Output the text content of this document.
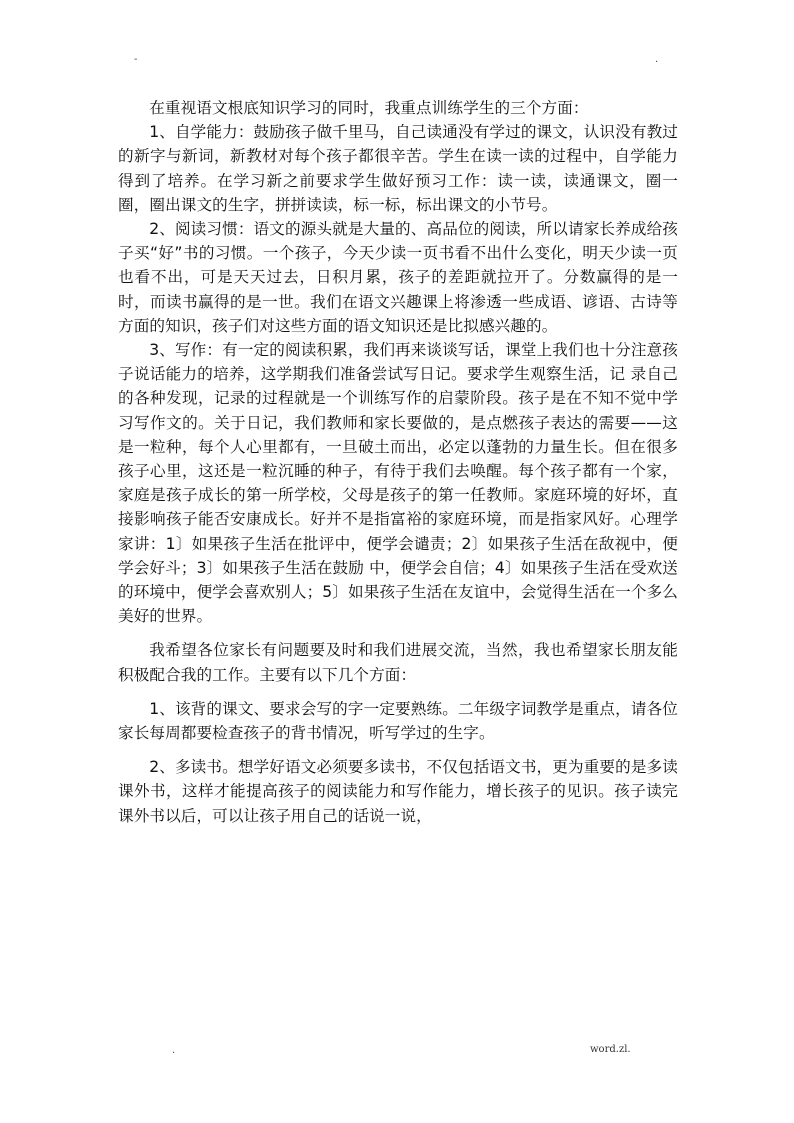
-	.

在重视语文根底知识学习的同时，我重点训练学生的三个方面：

1、自学能力：鼓励孩子做千里马，自己读通没有学过的课文，认识没有教过的新字与新词，新教材对每个孩子都很辛苦。学生在读一读的过程中，自学能力得到了培养。在学习新之前要求学生做好预习工作：读一读，读通课文，圈一圈，圈出课文的生字，拼拼读读，标一标，标出课文的小节号。

2、阅读习惯：语文的源头就是大量的、高品位的阅读，所以请家长养成给孩子买“好”书的习惯。一个孩子，今天少读一页书看不出什么变化，明天少读一页也看不出，可是天天过去，日积月累，孩子的差距就拉开了。分数赢得的是一时，而读书赢得的是一世。我们在语文兴趣课上将渗透一些成语、谚语、古诗等方面的知识，孩子们对这些方面的语文知识还是比拟感兴趣的。

3、写作：有一定的阅读积累，我们再来谈谈写话，课堂上我们也十分注意孩子说话能力的培养，这学期我们准备尝试写日记。要求学生观察生活，记 录自己的各种发现，记录的过程就是一个训练写作的启蒙阶段。孩子是在不知不觉中学习写作文的。关于日记，我们教师和家长要做的，是点燃孩子表达的需要——这是一粒种，每个人心里都有，一旦破土而出，必定以蓬勃的力量生长。但在很多孩子心里，这还是一粒沉睡的种子，有待于我们去唤醒。每个孩子都有一个家，家庭是孩子成长的第一所学校，父母是孩子的第一任教师。家庭环境的好坏，直接影响孩子能否安康成长。好并不是指富裕的家庭环境，而是指家风好。心理学家讲：1〕如果孩子生活在批评中，便学会谴责；2〕如果孩子生活在敌视中，便学会好斗；3〕如果孩子生活在鼓励 中，便学会自信；4〕如果孩子生活在受欢送的环境中，便学会喜欢别人；5〕如果孩子生活在友谊中，会觉得生活在一个多么美好的世界。

我希望各位家长有问题要及时和我们进展交流，当然，我也希望家长朋友能积极配合我的工作。主要有以下几个方面：

1、该背的课文、要求会写的字一定要熟练。二年级字词教学是重点，请各位家长每周都要检查孩子的背书情况，听写学过的生字。

2、多读书。想学好语文必须要多读书，不仅包括语文书，更为重要的是多读课外书，这样才能提高孩子的阅读能力和写作能力，增长孩子的见识。孩子读完课外书以后，可以让孩子用自己的话说一说，

.	word.zl.
